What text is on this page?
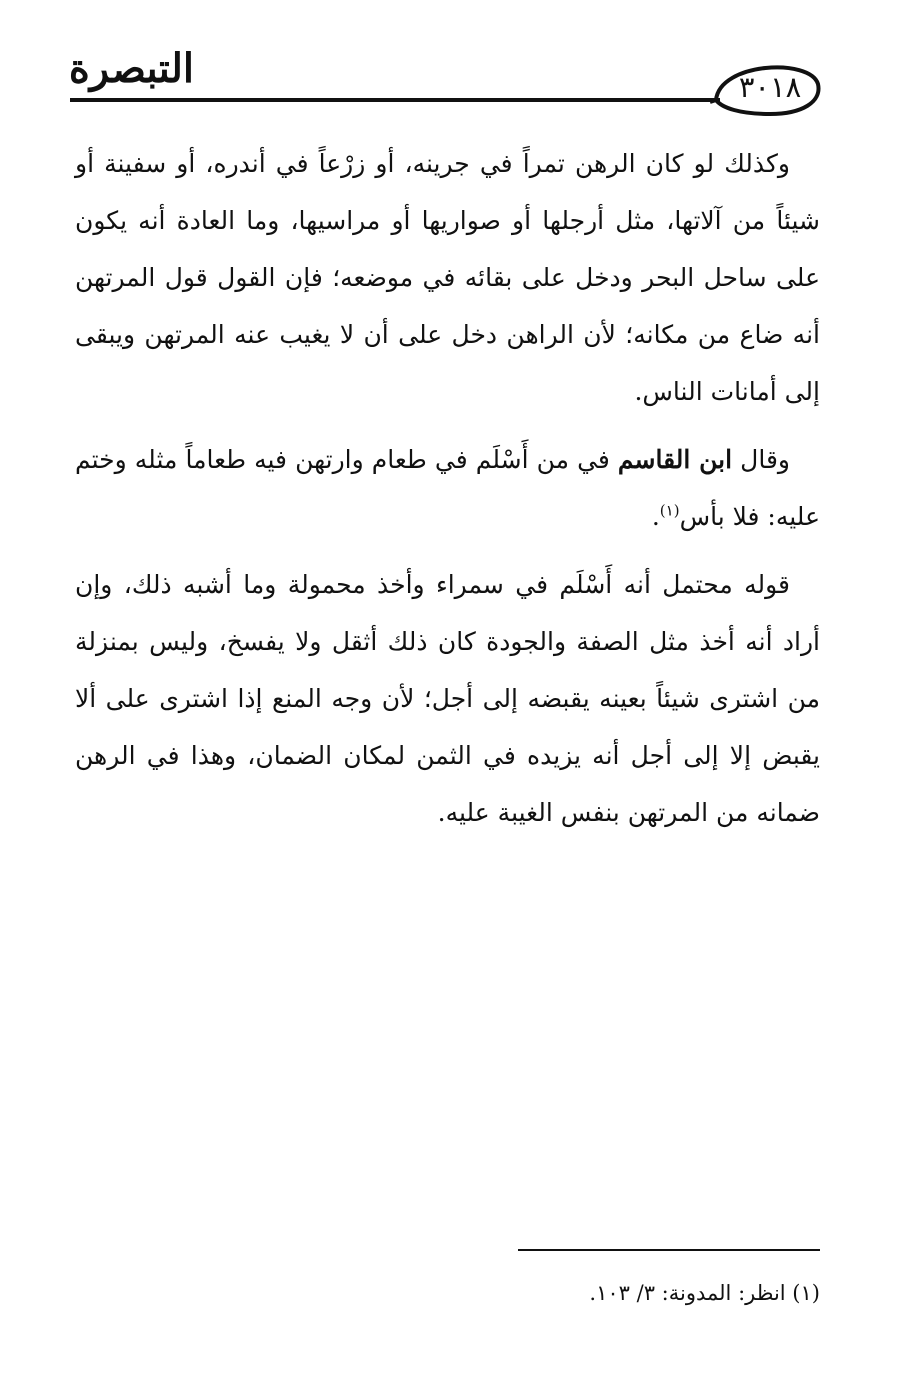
التبصرة	٣٠١٨

وكذلك لو كان الرهن تمراً في جرينه، أو زرْعاً في أندره، أو سفينة أو شيئاً من آلاتها، مثل أرجلها أو صواريها أو مراسيها، وما العادة أنه يكون على ساحل البحر ودخل على بقائه في موضعه؛ فإن القول قول المرتهن أنه ضاع من مكانه؛ لأن الراهن دخل على أن لا يغيب عنه المرتهن ويبقى إلى أمانات الناس.

وقال ابن القاسم في من أَسْلَم في طعام وارتهن فيه طعاماً مثله وختم عليه: فلا بأس$^{(١)}$.

قوله محتمل أنه أَسْلَم في سمراء وأخذ محمولة وما أشبه ذلك، وإن أراد أنه أخذ مثل الصفة والجودة كان ذلك أثقل ولا يفسخ، وليس بمنزلة من اشترى شيئاً بعينه يقبضه إلى أجل؛ لأن وجه المنع إذا اشترى على ألا يقبض إلا إلى أجل أنه يزيده في الثمن لمكان الضمان، وهذا في الرهن ضمانه من المرتهن بنفس الغيبة عليه.

(١) انظر: المدونة: ٣/ ١٠٣.
